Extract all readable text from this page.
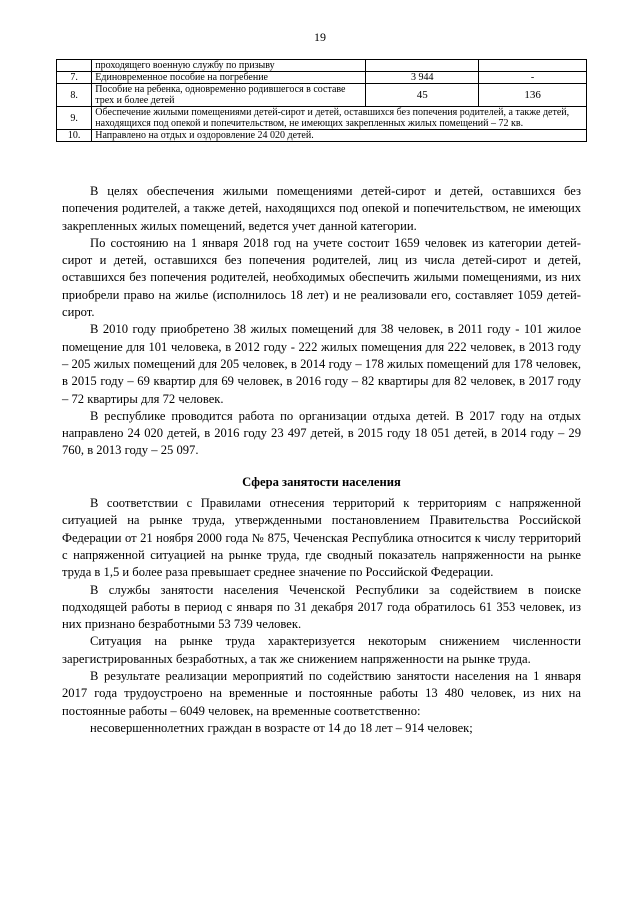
19
	проходящего военную службу по призыву		
7.	Единовременное пособие на погребение	3 944	-
8.	Пособие на ребенка, одновременно родившегося в составе трех и более детей	45	136
9.	Обеспечение жилыми помещениями детей-сирот и детей, оставшихся без попечения родителей, а также детей, находящихся под опекой и попечительством, не имеющих закрепленных жилых помещений – 72 кв.		
10.	Направлено на отдых и оздоровление 24 020 детей.		

В целях обеспечения жилыми помещениями детей-сирот и детей, оставшихся без попечения родителей, а также детей, находящихся под опекой и попечительством, не имеющих закрепленных жилых помещений, ведется учет данной категории.

По состоянию на 1 января 2018 год на учете состоит 1659 человек из категории детей-сирот и детей, оставшихся без попечения родителей, лиц из числа детей-сирот и детей, оставшихся без попечения родителей, необходимых обеспечить жилыми помещениями, из них приобрели право на жилье (исполнилось 18 лет) и не реализовали его, составляет 1059 детей-сирот.

В 2010 году приобретено 38 жилых помещений для 38 человек, в 2011 году - 101 жилое помещение для 101 человека, в 2012 году - 222 жилых помещения для 222 человек, в 2013 году – 205 жилых помещений для 205 человек, в 2014 году – 178 жилых помещений для 178 человек, в 2015 году – 69 квартир для 69 человек, в 2016 году – 82 квартиры для 82 человек, в 2017 году – 72 квартиры для 72 человек.

В республике проводится работа по организации отдыха детей. В 2017 году на отдых направлено 24 020 детей, в 2016 году 23 497 детей, в 2015 году 18 051 детей, в 2014 году – 29 760, в 2013 году – 25 097.

Сфера занятости населения

В соответствии с Правилами отнесения территорий к территориям с напряженной ситуацией на рынке труда, утвержденными постановлением Правительства Российской Федерации от 21 ноября 2000 года № 875, Чеченская Республика относится к числу территорий с напряженной ситуацией на рынке труда, где сводный показатель напряженности на рынке труда в 1,5 и более раза превышает среднее значение по Российской Федерации.

В службы занятости населения Чеченской Республики за содействием в поиске подходящей работы в период с января по 31 декабря 2017 года обратилось 61 353 человек, из них признано безработными 53 739 человек.

Ситуация на рынке труда характеризуется некоторым снижением численности зарегистрированных безработных, а так же снижением напряженности на рынке труда.

В результате реализации мероприятий по содействию занятости населения на 1 января 2017 года трудоустроено на временные и постоянные работы 13 480 человек, из них на постоянные работы – 6049 человек, на временные соответственно:

несовершеннолетних граждан в возрасте от 14 до 18 лет – 914 человек;
